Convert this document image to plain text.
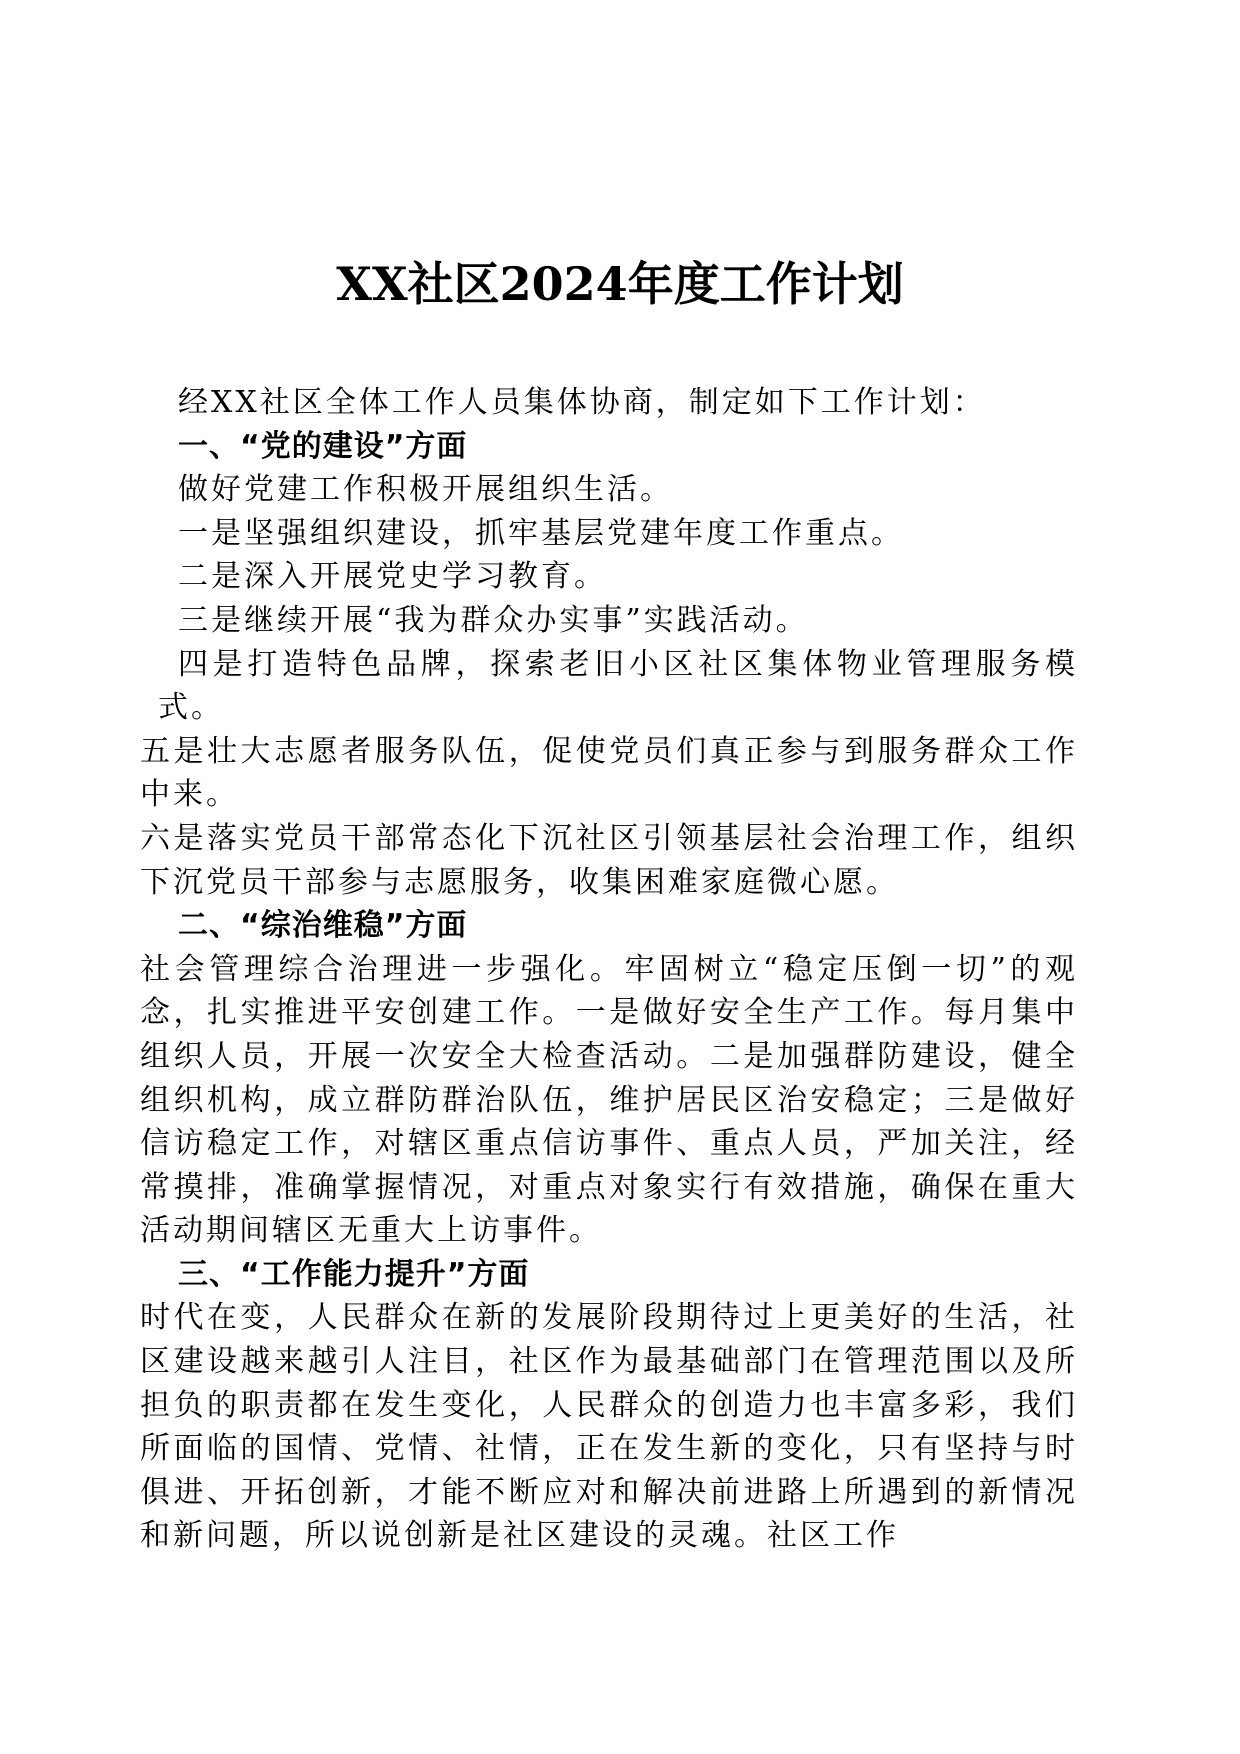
XX社区2024年度工作计划

经XX社区全体工作人员集体协商，制定如下工作计划：

一、“党的建设”方面

做好党建工作积极开展组织生活。

一是坚强组织建设，抓牢基层党建年度工作重点。

二是深入开展党史学习教育。

三是继续开展“我为群众办实事”实践活动。

四是打造特色品牌，探索老旧小区社区集体物业管理服务模式。

五是壮大志愿者服务队伍，促使党员们真正参与到服务群众工作中来。

六是落实党员干部常态化下沉社区引领基层社会治理工作，组织下沉党员干部参与志愿服务，收集困难家庭微心愿。

二、“综治维稳”方面

社会管理综合治理进一步强化。牢固树立“稳定压倒一切”的观念，扎实推进平安创建工作。一是做好安全生产工作。每月集中组织人员，开展一次安全大检查活动。二是加强群防建设，健全组织机构，成立群防群治队伍，维护居民区治安稳定；三是做好信访稳定工作，对辖区重点信访事件、重点人员，严加关注，经常摸排，准确掌握情况，对重点对象实行有效措施，确保在重大活动期间辖区无重大上访事件。

三、“工作能力提升”方面

时代在变，人民群众在新的发展阶段期待过上更美好的生活，社区建设越来越引人注目，社区作为最基础部门在管理范围以及所担负的职责都在发生变化，人民群众的创造力也丰富多彩，我们所面临的国情、党情、社情，正在发生新的变化，只有坚持与时俱进、开拓创新，才能不断应对和解决前进路上所遇到的新情况和新问题，所以说创新是社区建设的灵魂。社区工作
